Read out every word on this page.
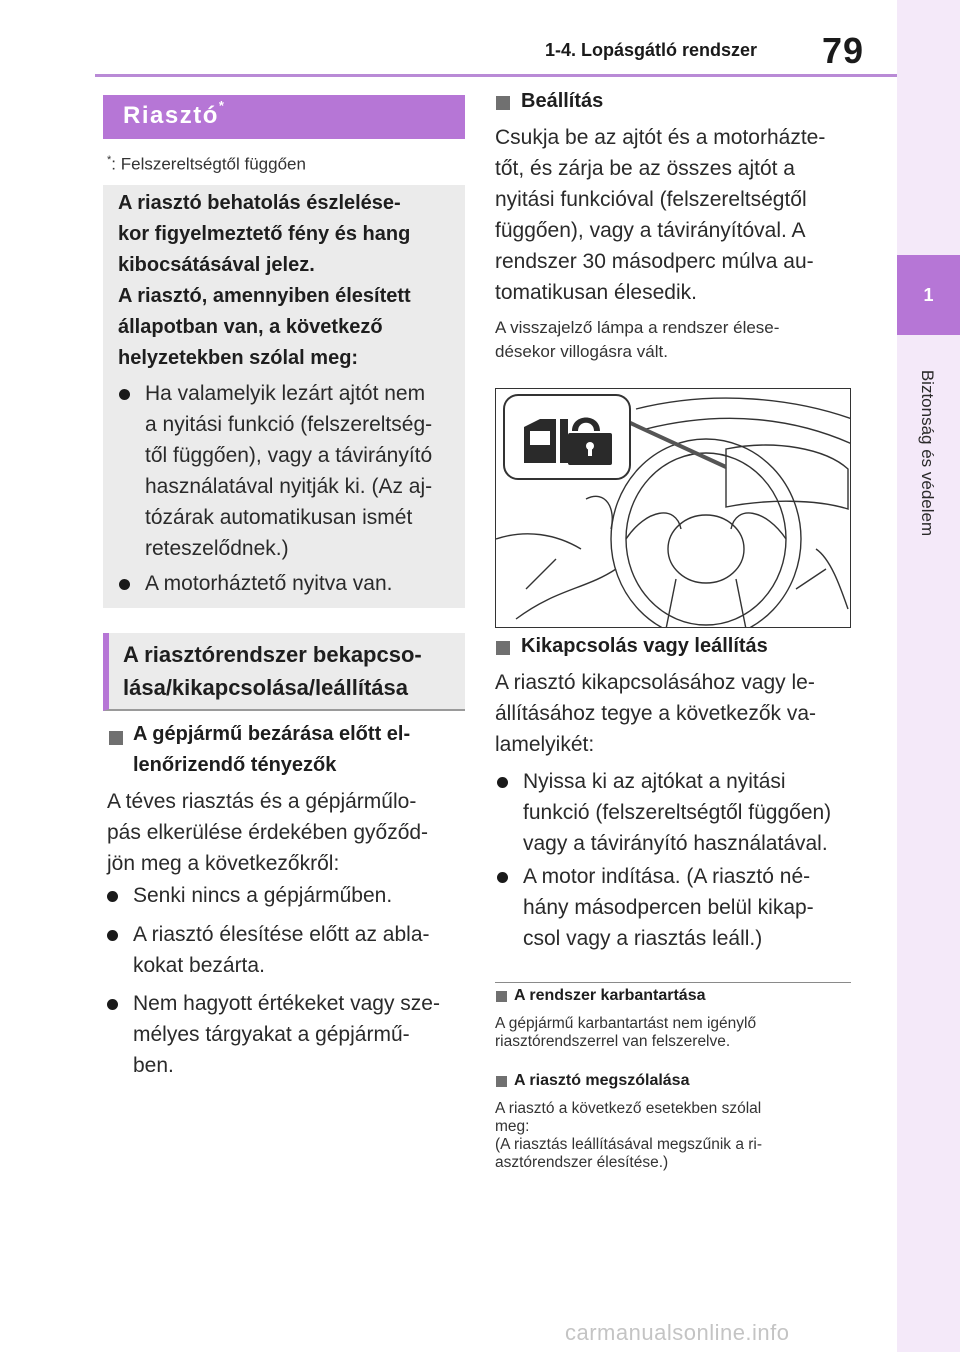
1-4. Lopásgátló rendszer 79
1
Biztonság és védelem
Riasztó*
*: Felszereltségtől függően
A riasztó behatolás észlelése-
kor figyelmeztető fény és hang
kibocsátásával jelez.
A riasztó, amennyiben élesített
állapotban van, a következő
helyzetekben szólal meg:
Ha valamelyik lezárt ajtót nem
a nyitási funkció (felszereltség-
től függően), vagy a távirányító
használatával nyitják ki. (Az aj-
tózárak automatikusan ismét
reteszelődnek.)
A motorháztető nyitva van.
A riasztórendszer bekapcso-
lása/kikapcsolása/leállítása
A gépjármű bezárása előtt el-
lenőrizendő tényezők
A téves riasztás és a gépjárműlo-
pás elkerülése érdekében győződ-
jön meg a következőkről:
Senki nincs a gépjárműben.
A riasztó élesítése előtt az abla-
kokat bezárta.
Nem hagyott értékeket vagy sze-
mélyes tárgyakat a gépjármű-
ben.
Beállítás
Csukja be az ajtót és a motorházte-
tőt, és zárja be az összes ajtót a
nyitási funkcióval (felszereltségtől
függően), vagy a távirányítóval. A
rendszer 30 másodperc múlva au-
tomatikusan élesedik.
A visszajelző lámpa a rendszer élese-
désekor villogásra vált.
Kikapcsolás vagy leállítás
A riasztó kikapcsolásához vagy le-
állításához tegye a következők va-
lamelyikét:
Nyissa ki az ajtókat a nyitási
funkció (felszereltségtől függően)
vagy a távirányító használatával.
A motor indítása. (A riasztó né-
hány másodpercen belül kikap-
csol vagy a riasztás leáll.)
A rendszer karbantartása
A gépjármű karbantartást nem igénylő
riasztórendszerrel van felszerelve.
A riasztó megszólalása
A riasztó a következő esetekben szólal
meg:
(A riasztás leállításával megszűnik a ri-
asztórendszer élesítése.)
carmanualsonline.info
